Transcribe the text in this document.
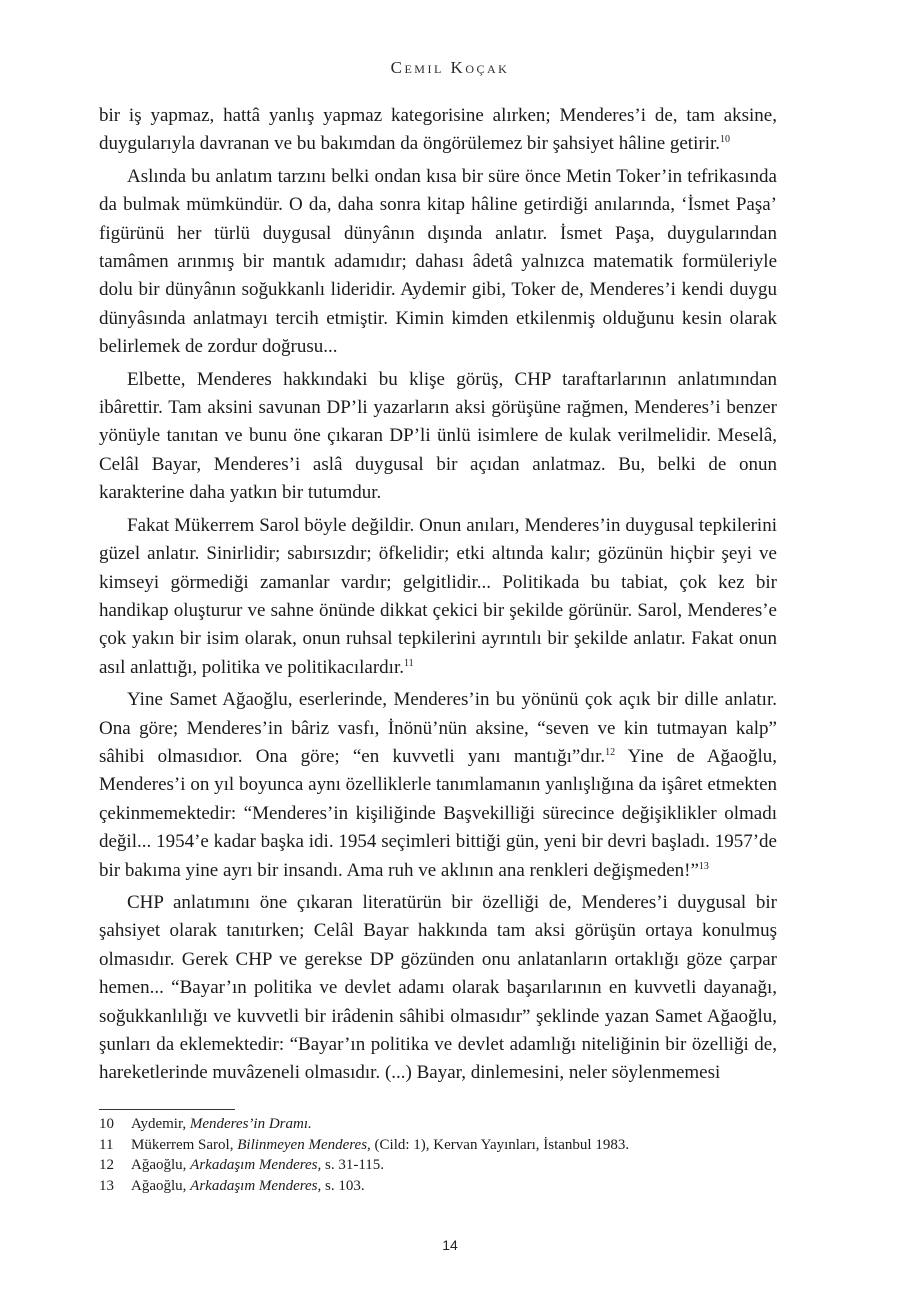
Cemil Koçak

bir iş yapmaz, hattâ yanlış yapmaz kategorisine alırken; Menderes’i de, tam aksine, duygularıyla davranan ve bu bakımdan da öngörülemez bir şahsiyet hâline getirir.$^{10}$

Aslında bu anlatım tarzını belki ondan kısa bir süre önce Metin Toker’in tefrikasında da bulmak mümkündür. O da, daha sonra kitap hâline getirdiği anılarında, ‘İsmet Paşa’ figürünü her türlü duygusal dünyânın dışında anlatır. İsmet Paşa, duygularından tamâmen arınmış bir mantık adamıdır; dahası âdetâ yalnızca matematik formüleriyle dolu bir dünyânın soğukkanlı lideridir. Aydemir gibi, Toker de, Menderes’i kendi duygu dünyâsında anlatmayı tercih etmiştir. Kimin kimden etkilenmiş olduğunu kesin olarak belirlemek de zordur doğrusu...

Elbette, Menderes hakkındaki bu klişe görüş, CHP taraftarlarının anlatımından ibârettir. Tam aksini savunan DP’li yazarların aksi görüşüne rağmen, Menderes’i benzer yönüyle tanıtan ve bunu öne çıkaran DP’li ünlü isimlere de kulak verilmelidir. Meselâ, Celâl Bayar, Menderes’i aslâ duygusal bir açıdan anlatmaz. Bu, belki de onun karakterine daha yatkın bir tutumdur.

Fakat Mükerrem Sarol böyle değildir. Onun anıları, Menderes’in duygusal tepkilerini güzel anlatır. Sinirlidir; sabırsızdır; öfkelidir; etki altında kalır; gözünün hiçbir şeyi ve kimseyi görmediği zamanlar vardır; gelgitlidir... Politikada bu tabiat, çok kez bir handikap oluşturur ve sahne önünde dikkat çekici bir şekilde görünür. Sarol, Menderes’e çok yakın bir isim olarak, onun ruhsal tepkilerini ayrıntılı bir şekilde anlatır. Fakat onun asıl anlattığı, politika ve politikacılardır.$^{11}$

Yine Samet Ağaoğlu, eserlerinde, Menderes’in bu yönünü çok açık bir dille anlatır. Ona göre; Menderes’in bâriz vasfı, İnönü’nün aksine, “seven ve kin tutmayan kalp” sâhibi olmasıdıor. Ona göre; “en kuvvetli yanı mantığı”dır.$^{12}$ Yine de Ağaoğlu, Menderes’i on yıl boyunca aynı özelliklerle tanımlamanın yanlışlığına da işâret etmekten çekinmemektedir: “Menderes’in kişiliğinde Başvekilliği sürecince değişiklikler olmadı değil... 1954’e kadar başka idi. 1954 seçimleri bittiği gün, yeni bir devri başladı. 1957’de bir bakıma yine ayrı bir insandı. Ama ruh ve aklının ana renkleri değişmeden!”$^{13}$

CHP anlatımını öne çıkaran literatürün bir özelliği de, Menderes’i duygusal bir şahsiyet olarak tanıtırken; Celâl Bayar hakkında tam aksi görüşün ortaya konulmuş olmasıdır. Gerek CHP ve gerekse DP gözünden onu anlatanların ortaklığı göze çarpar hemen... “Bayar’ın politika ve devlet adamı olarak başarılarının en kuvvetli dayanağı, soğukkanlılığı ve kuvvetli bir irâdenin sâhibi olmasıdır” şeklinde yazan Samet Ağaoğlu, şunları da eklemektedir: “Bayar’ın politika ve devlet adamlığı niteliğinin bir özelliği de, hareketlerinde muvâzeneli olmasıdır. (...) Bayar, dinlemesini, neler söylenmemesi

10	Aydemir, Menderes’in Dramı.
11	Mükerrem Sarol, Bilinmeyen Menderes, (Cild: 1), Kervan Yayınları, İstanbul 1983.
12	Ağaoğlu, Arkadaşım Menderes, s. 31-115.
13	Ağaoğlu, Arkadaşım Menderes, s. 103.
14
